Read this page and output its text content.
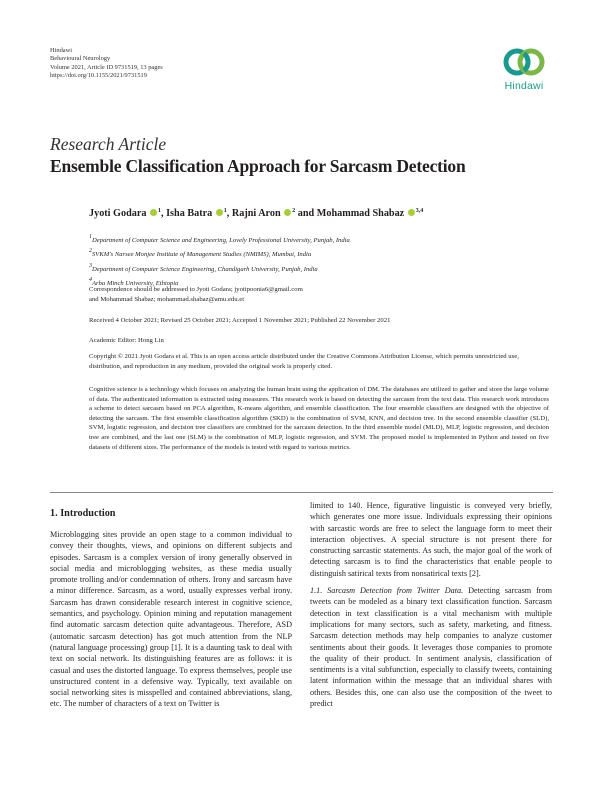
Hindawi
Behavioural Neurology
Volume 2021, Article ID 9731519, 13 pages
https://doi.org/10.1155/2021/9731519
Hindawi
Research Article
Ensemble Classification Approach for Sarcasm Detection
Jyoti Godara $^1$, Isha Batra $^1$, Rajni Aron $^2$ and Mohammad Shabaz $^{3,4}$
1Department of Computer Science and Engineering, Lovely Professional University, Punjab, India
2SVKM's Narsee Monjee Institute of Management Studies (NMIMS), Mumbai, India
3Department of Computer Science Engineering, Chandigarh University, Punjab, India
4Arba Minch University, Ethiopia
Correspondence should be addressed to Jyoti Godara; jyotipoonia6@gmail.com
and Mohammad Shabaz; mohammad.shabaz@amu.edu.et
Received 4 October 2021; Revised 25 October 2021; Accepted 1 November 2021; Published 22 November 2021
Academic Editor: Hong Lin
Copyright © 2021 Jyoti Godara et al. This is an open access article distributed under the Creative Commons Attribution License, which permits unrestricted use, distribution, and reproduction in any medium, provided the original work is properly cited.
Cognitive science is a technology which focuses on analyzing the human brain using the application of DM. The databases are utilized to gather and store the large volume of data. The authenticated information is extracted using measures. This research work is based on detecting the sarcasm from the text data. This research work introduces a scheme to detect sarcasm based on PCA algorithm, K-means algorithm, and ensemble classification. The four ensemble classifiers are designed with the objective of detecting the sarcasm. The first ensemble classification algorithm (SKD) is the combination of SVM, KNN, and decision tree. In the second ensemble classifier (SLD), SVM, logistic regression, and decision tree classifiers are combined for the sarcasm detection. In the third ensemble model (MLD), MLP, logistic regression, and decision tree are combined, and the last one (SLM) is the combination of MLP, logistic regression, and SVM. The proposed model is implemented in Python and tested on five datasets of different sizes. The performance of the models is tested with regard to various metrics.
1. Introduction

Microblogging sites provide an open stage to a common individual to convey their thoughts, views, and opinions on different subjects and episodes. Sarcasm is a complex version of irony generally observed in social media and microblogging websites, as these media usually promote trolling and/or condemnation of others. Irony and sarcasm have a minor difference. Sarcasm, as a word, usually expresses verbal irony. Sarcasm has drawn considerable research interest in cognitive science, semantics, and psychology. Opinion mining and reputation management find automatic sarcasm detection quite advantageous. Therefore, ASD (automatic sarcasm detection) has got much attention from the NLP (natural language processing) group [1]. It is a daunting task to deal with text on social network. Its distinguishing features are as follows: it is casual and uses the distorted language. To express themselves, people use unstructured content in a defensive way. Typically, text available on social networking sites is misspelled and contained abbreviations, slang, etc. The number of characters of a text on Twitter is

limited to 140. Hence, figurative linguistic is conveyed very briefly, which generates one more issue. Individuals expressing their opinions with sarcastic words are free to select the language form to meet their interaction objectives. A special structure is not present there for constructing sarcastic statements. As such, the major goal of the work of detecting sarcasm is to find the characteristics that enable people to distinguish satirical texts from nonsatirical texts [2].

1.1. Sarcasm Detection from Twitter Data. Detecting sarcasm from tweets can be modeled as a binary text classification function. Sarcasm detection in text classification is a vital mechanism with multiple implications for many sectors, such as safety, marketing, and fitness. Sarcasm detection methods may help companies to analyze customer sentiments about their goods. It leverages those companies to promote the quality of their product. In sentiment analysis, classification of sentiments is a vital subfunction, especially to classify tweets, containing latent information within the message that an individual shares with others. Besides this, one can also use the composition of the tweet to predict
